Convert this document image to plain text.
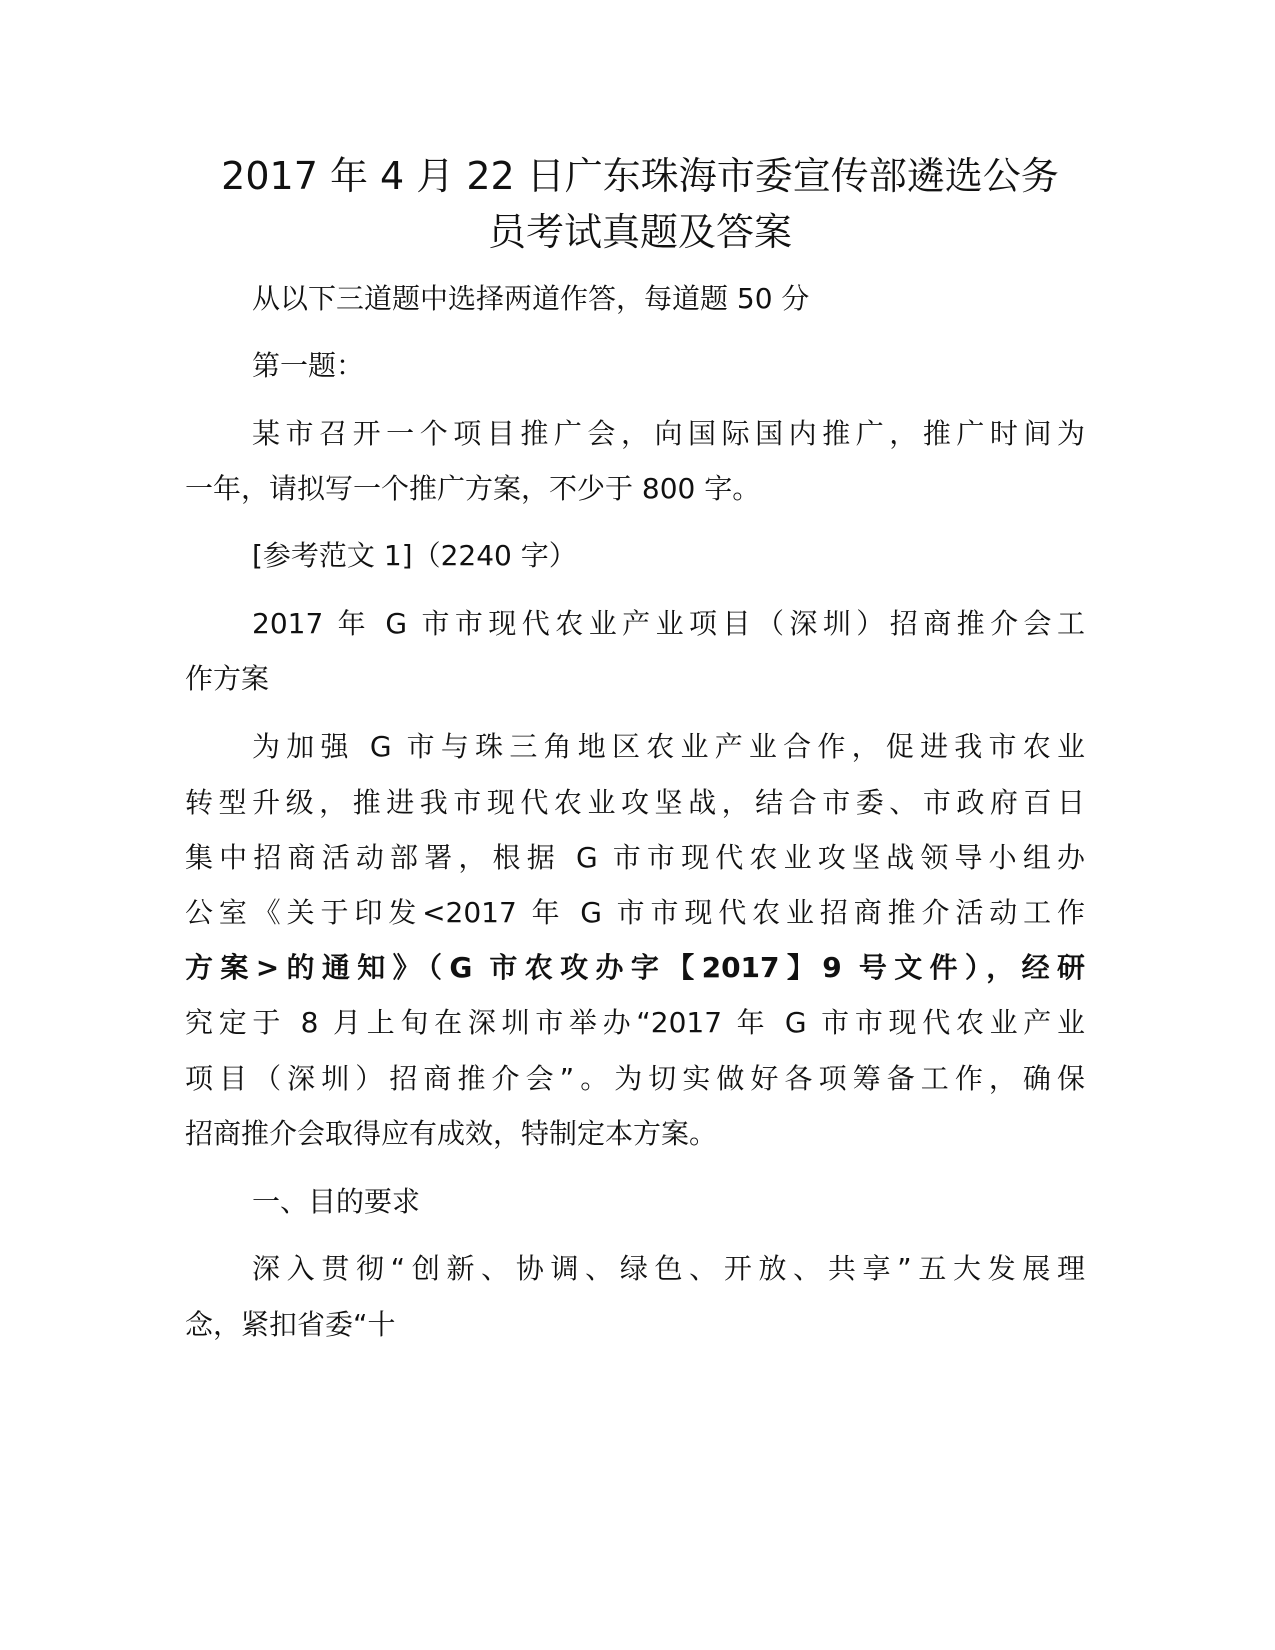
2017 年 4 月 22 日广东珠海市委宣传部遴选公务
员考试真题及答案

从以下三道题中选择两道作答，每道题 50 分

第一题：

某市召开一个项目推广会，向国际国内推广，推广时间为

一年，请拟写一个推广方案，不少于 800 字。

[参考范文 1]（2240 字）

2017 年 G 市市现代农业产业项目（深圳）招商推介会工

作方案

为加强 G 市与珠三角地区农业产业合作，促进我市农业

转型升级，推进我市现代农业攻坚战，结合市委、市政府百日

集中招商活动部署，根据 G 市市现代农业攻坚战领导小组办

公室《关于印发<2017 年 G 市市现代农业招商推介活动工作

方案>的通知》（G 市农攻办字【2017】9 号文件），经研

究定于 8 月上旬在深圳市举办“2017 年 G 市市现代农业产业

项目（深圳）招商推介会”。为切实做好各项筹备工作，确保

招商推介会取得应有成效，特制定本方案。

一、目的要求

深入贯彻“创新、协调、绿色、开放、共享”五大发展理

念，紧扣省委“十
